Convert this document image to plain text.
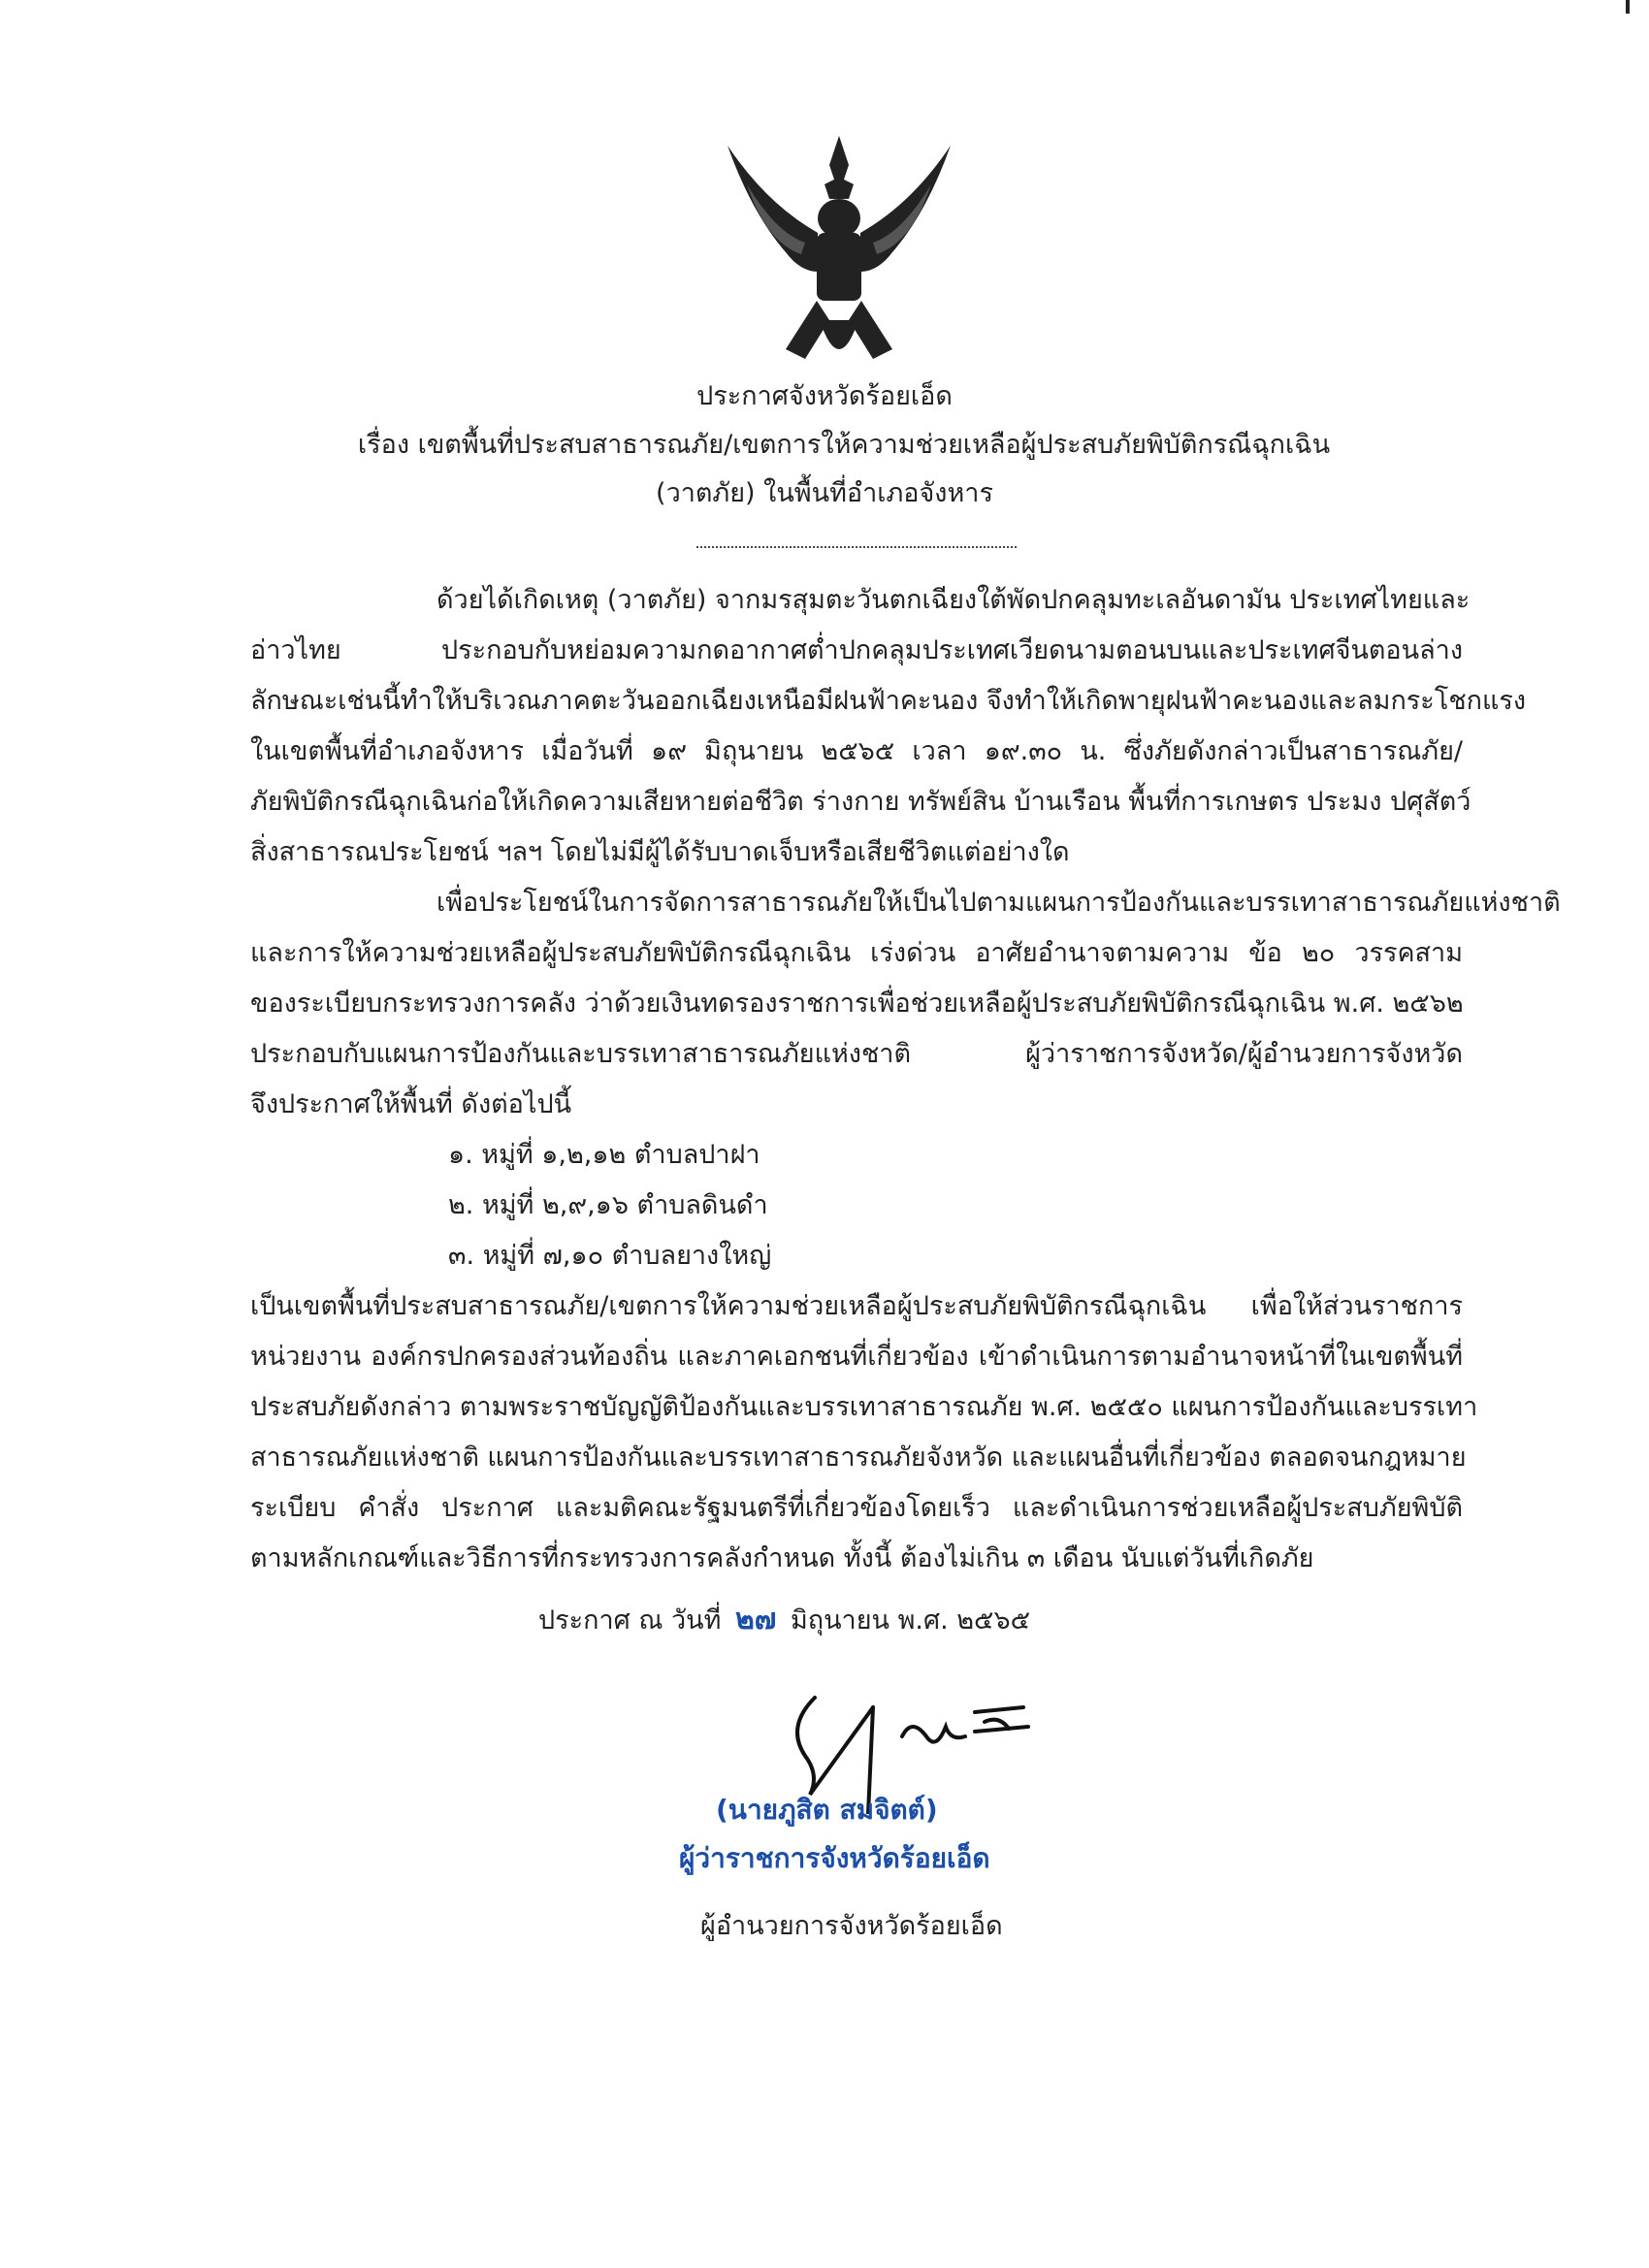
ประกาศจังหวัดร้อยเอ็ด
เรื่อง เขตพื้นที่ประสบสาธารณภัย/เขตการให้ความช่วยเหลือผู้ประสบภัยพิบัติกรณีฉุกเฉิน
(วาตภัย) ในพื้นที่อำเภอจังหาร
ด้วยได้เกิดเหตุ (วาตภัย) จากมรสุมตะวันตกเฉียงใต้พัดปกคลุมทะเลอันดามัน ประเทศไทยและ
อ่าวไทย ประกอบกับหย่อมความกดอากาศต่ำปกคลุมประเทศเวียดนามตอนบนและประเทศจีนตอนล่าง
ลักษณะเช่นนี้ทำให้บริเวณภาคตะวันออกเฉียงเหนือมีฝนฟ้าคะนอง จึงทำให้เกิดพายุฝนฟ้าคะนองและลมกระโชกแรง
ในเขตพื้นที่อำเภอจังหาร เมื่อวันที่ ๑๙ มิถุนายน ๒๕๖๕ เวลา ๑๙.๓๐ น. ซึ่งภัยดังกล่าวเป็นสาธารณภัย/
ภัยพิบัติกรณีฉุกเฉินก่อให้เกิดความเสียหายต่อชีวิต ร่างกาย ทรัพย์สิน บ้านเรือน พื้นที่การเกษตร ประมง ปศุสัตว์
สิ่งสาธารณประโยชน์ ฯลฯ โดยไม่มีผู้ได้รับบาดเจ็บหรือเสียชีวิตแต่อย่างใด
เพื่อประโยชน์ในการจัดการสาธารณภัยให้เป็นไปตามแผนการป้องกันและบรรเทาสาธารณภัยแห่งชาติ
และการให้ความช่วยเหลือผู้ประสบภัยพิบัติกรณีฉุกเฉิน เร่งด่วน อาศัยอำนาจตามความ ข้อ ๒๐ วรรคสาม
ของระเบียบกระทรวงการคลัง ว่าด้วยเงินทดรองราชการเพื่อช่วยเหลือผู้ประสบภัยพิบัติกรณีฉุกเฉิน พ.ศ. ๒๕๖๒
ประกอบกับแผนการป้องกันและบรรเทาสาธารณภัยแห่งชาติ ผู้ว่าราชการจังหวัด/ผู้อำนวยการจังหวัด
จึงประกาศให้พื้นที่ ดังต่อไปนี้
๑. หมู่ที่ ๑,๒,๑๒ ตำบลปาฝา
๒. หมู่ที่ ๒,๙,๑๖ ตำบลดินดำ
๓. หมู่ที่ ๗,๑๐ ตำบลยางใหญ่
เป็นเขตพื้นที่ประสบสาธารณภัย/เขตการให้ความช่วยเหลือผู้ประสบภัยพิบัติกรณีฉุกเฉิน เพื่อให้ส่วนราชการ
หน่วยงาน องค์กรปกครองส่วนท้องถิ่น และภาคเอกชนที่เกี่ยวข้อง เข้าดำเนินการตามอำนาจหน้าที่ในเขตพื้นที่
ประสบภัยดังกล่าว ตามพระราชบัญญัติป้องกันและบรรเทาสาธารณภัย พ.ศ. ๒๕๕๐ แผนการป้องกันและบรรเทา
สาธารณภัยแห่งชาติ แผนการป้องกันและบรรเทาสาธารณภัยจังหวัด และแผนอื่นที่เกี่ยวข้อง ตลอดจนกฎหมาย
ระเบียบ คำสั่ง ประกาศ และมติคณะรัฐมนตรีที่เกี่ยวข้องโดยเร็ว และดำเนินการช่วยเหลือผู้ประสบภัยพิบัติ
ตามหลักเกณฑ์และวิธีการที่กระทรวงการคลังกำหนด ทั้งนี้ ต้องไม่เกิน ๓ เดือน นับแต่วันที่เกิดภัย
ประกาศ ณ วันที่ ๒๗ มิถุนายน พ.ศ. ๒๕๖๕
(นายภูสิต สมจิตต์)
ผู้ว่าราชการจังหวัดร้อยเอ็ด
ผู้อำนวยการจังหวัดร้อยเอ็ด
